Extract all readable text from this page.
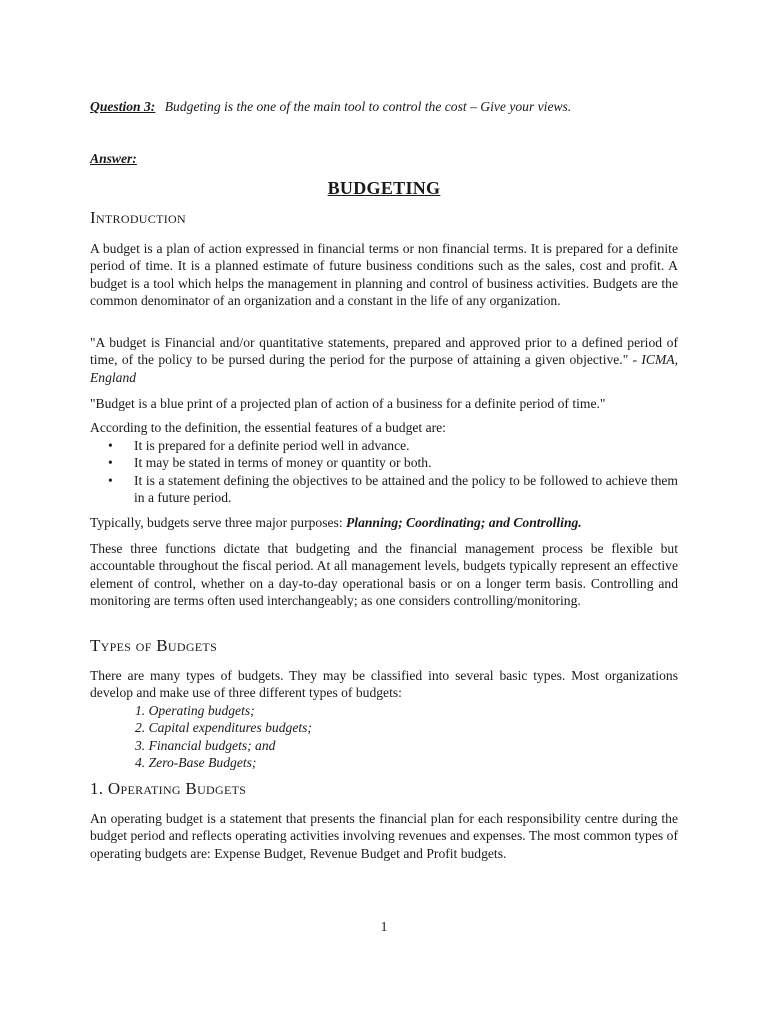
Question 3: Budgeting is the one of the main tool to control the cost – Give your views.
Answer:
BUDGETING
Introduction
A budget is a plan of action expressed in financial terms or non financial terms. It is prepared for a definite period of time. It is a planned estimate of future business conditions such as the sales, cost and profit. A budget is a tool which helps the management in planning and control of business activities. Budgets are the common denominator of an organization and a constant in the life of any organization.
"A budget is Financial and/or quantitative statements, prepared and approved prior to a defined period of time, of the policy to be pursed during the period for the purpose of attaining a given objective." - ICMA, England
"Budget is a blue print of a projected plan of action of a business for a definite period of time."
According to the definition, the essential features of a budget are:
• It is prepared for a definite period well in advance.
• It may be stated in terms of money or quantity or both.
• It is a statement defining the objectives to be attained and the policy to be followed to achieve them in a future period.
Typically, budgets serve three major purposes: Planning; Coordinating; and Controlling.
These three functions dictate that budgeting and the financial management process be flexible but accountable throughout the fiscal period. At all management levels, budgets typically represent an effective element of control, whether on a day-to-day operational basis or on a longer term basis. Controlling and monitoring are terms often used interchangeably; as one considers controlling/monitoring.
Types of Budgets
There are many types of budgets. They may be classified into several basic types. Most organizations develop and make use of three different types of budgets:
1. Operating budgets;
2. Capital expenditures budgets;
3. Financial budgets; and
4. Zero-Base Budgets;
1. Operating Budgets
An operating budget is a statement that presents the financial plan for each responsibility centre during the budget period and reflects operating activities involving revenues and expenses. The most common types of operating budgets are: Expense Budget, Revenue Budget and Profit budgets.
1
